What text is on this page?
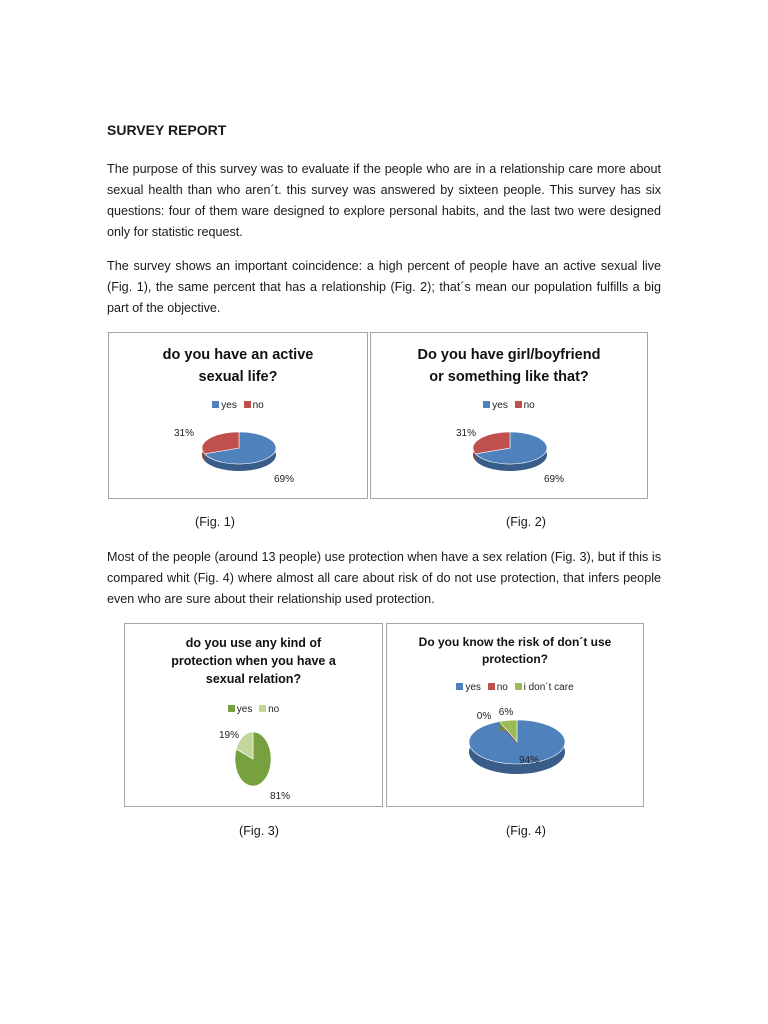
SURVEY REPORT

The purpose of this survey was to evaluate if the people who are in a relationship care more about sexual health than who aren´t. this survey was answered by sixteen people. This survey has six questions: four of them ware designed to explore personal habits, and the last two were designed only for statistic request.

The survey shows an important coincidence: a high percent of people have an active sexual live (Fig. 1), the same percent that has a relationship (Fig. 2); that´s mean our population fulfills a big part of the objective.

do you have an active
sexual life?
yes no
31%
69%
Do you have girl/boyfriend
or something like that?
yes no
31%
69%
(Fig. 1)	(Fig. 2)

Most of the people (around 13 people) use protection when have a sex relation (Fig. 3), but if this is compared whit (Fig. 4) where almost all care about risk of do not use protection, that infers people even who are sure about their relationship used protection.

do you use any kind of
protection when you have a
sexual relation?
yes no
19%
81%
Do you know the risk of don´t use
protection?
yes no i don´t care
0% 6%
94%
(Fig. 3)	(Fig. 4)
